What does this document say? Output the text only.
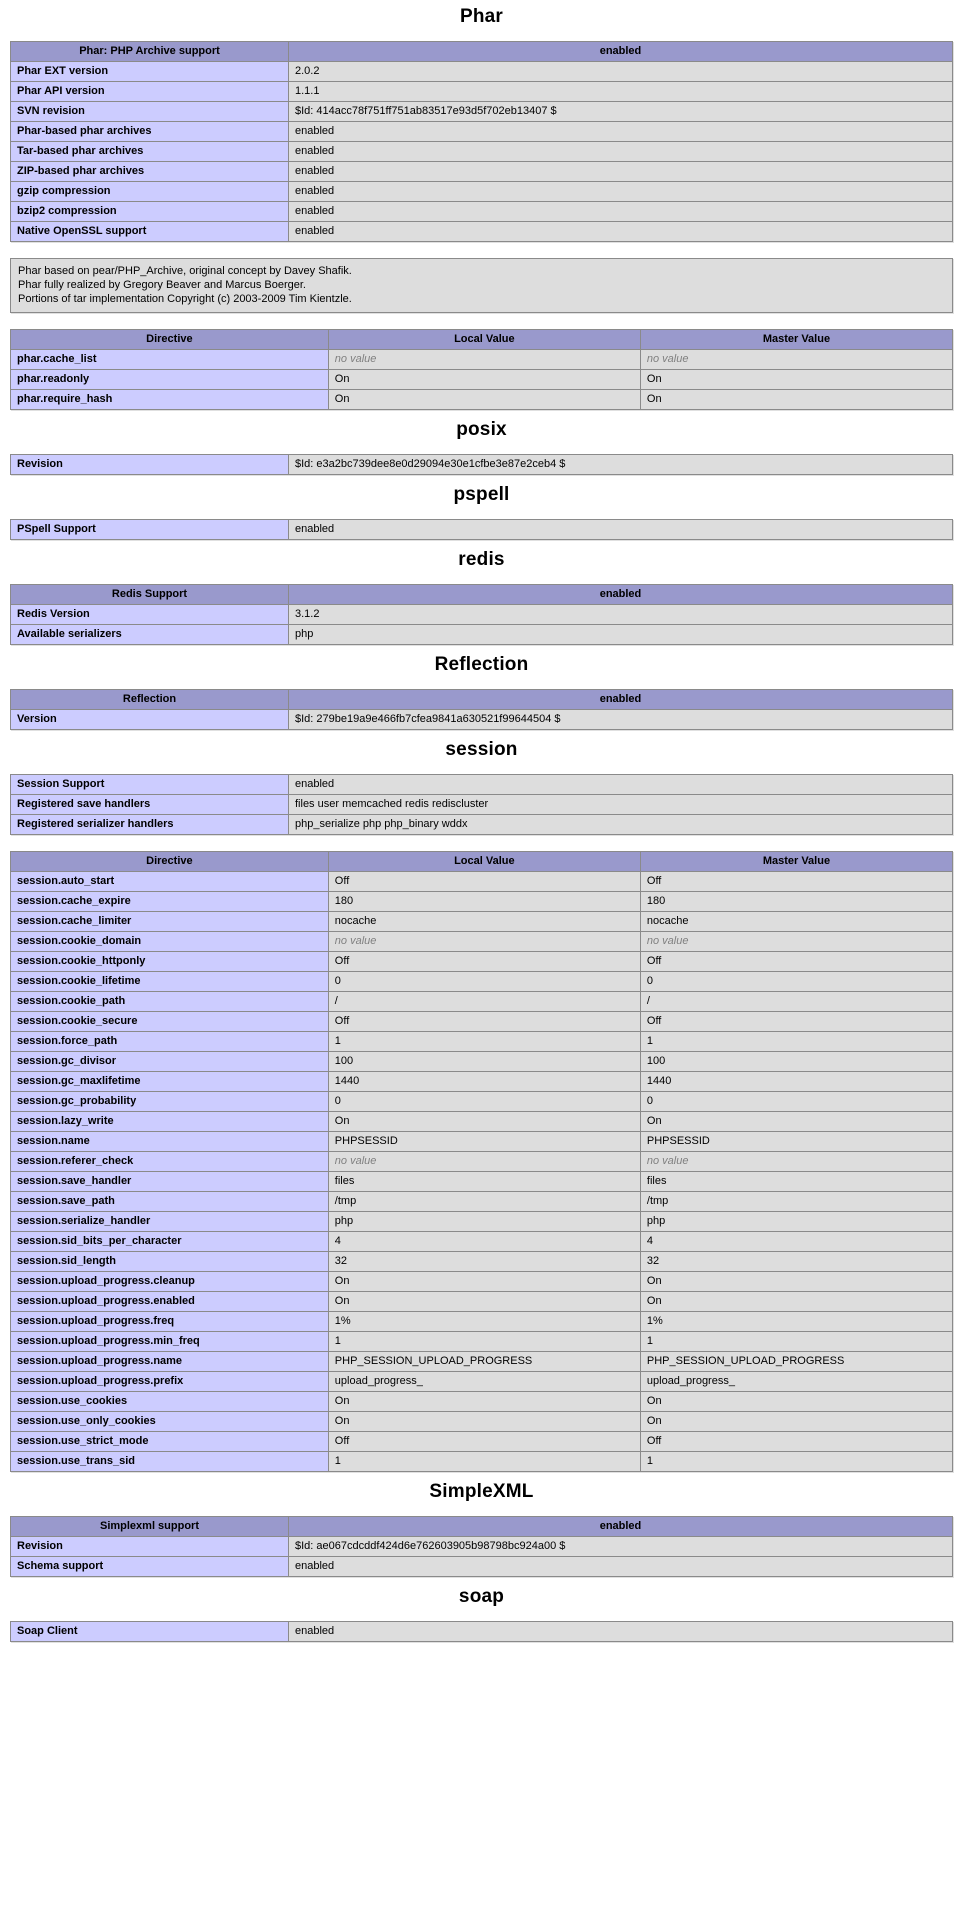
Phar
Phar: PHP Archive support	enabled
Phar EXT version	2.0.2
Phar API version	1.1.1
SVN revision	$Id: 414acc78f751ff751ab83517e93d5f702eb13407 $
Phar-based phar archives	enabled
Tar-based phar archives	enabled
ZIP-based phar archives	enabled
gzip compression	enabled
bzip2 compression	enabled
Native OpenSSL support	enabled
Phar based on pear/PHP_Archive, original concept by Davey Shafik.
Phar fully realized by Gregory Beaver and Marcus Boerger.
Portions of tar implementation Copyright (c) 2003-2009 Tim Kientzle.
Directive	Local Value	Master Value
phar.cache_list	no value	no value
phar.readonly	On	On
phar.require_hash	On	On
posix
Revision	$Id: e3a2bc739dee8e0d29094e30e1cfbe3e87e2ceb4 $
pspell
PSpell Support	enabled
redis
Redis Support	enabled
Redis Version	3.1.2
Available serializers	php
Reflection
Reflection	enabled
Version	$Id: 279be19a9e466fb7cfea9841a630521f99644504 $
session
Session Support	enabled
Registered save handlers	files user memcached redis rediscluster
Registered serializer handlers	php_serialize php php_binary wddx
Directive	Local Value	Master Value
session.auto_start	Off	Off
session.cache_expire	180	180
session.cache_limiter	nocache	nocache
session.cookie_domain	no value	no value
session.cookie_httponly	Off	Off
session.cookie_lifetime	0	0
session.cookie_path	/	/
session.cookie_secure	Off	Off
session.force_path	1	1
session.gc_divisor	100	100
session.gc_maxlifetime	1440	1440
session.gc_probability	0	0
session.lazy_write	On	On
session.name	PHPSESSID	PHPSESSID
session.referer_check	no value	no value
session.save_handler	files	files
session.save_path	/tmp	/tmp
session.serialize_handler	php	php
session.sid_bits_per_character	4	4
session.sid_length	32	32
session.upload_progress.cleanup	On	On
session.upload_progress.enabled	On	On
session.upload_progress.freq	1%	1%
session.upload_progress.min_freq	1	1
session.upload_progress.name	PHP_SESSION_UPLOAD_PROGRESS	PHP_SESSION_UPLOAD_PROGRESS
session.upload_progress.prefix	upload_progress_	upload_progress_
session.use_cookies	On	On
session.use_only_cookies	On	On
session.use_strict_mode	Off	Off
session.use_trans_sid	1	1
SimpleXML
Simplexml support	enabled
Revision	$Id: ae067cdcddf424d6e762603905b98798bc924a00 $
Schema support	enabled
soap
Soap Client	enabled
